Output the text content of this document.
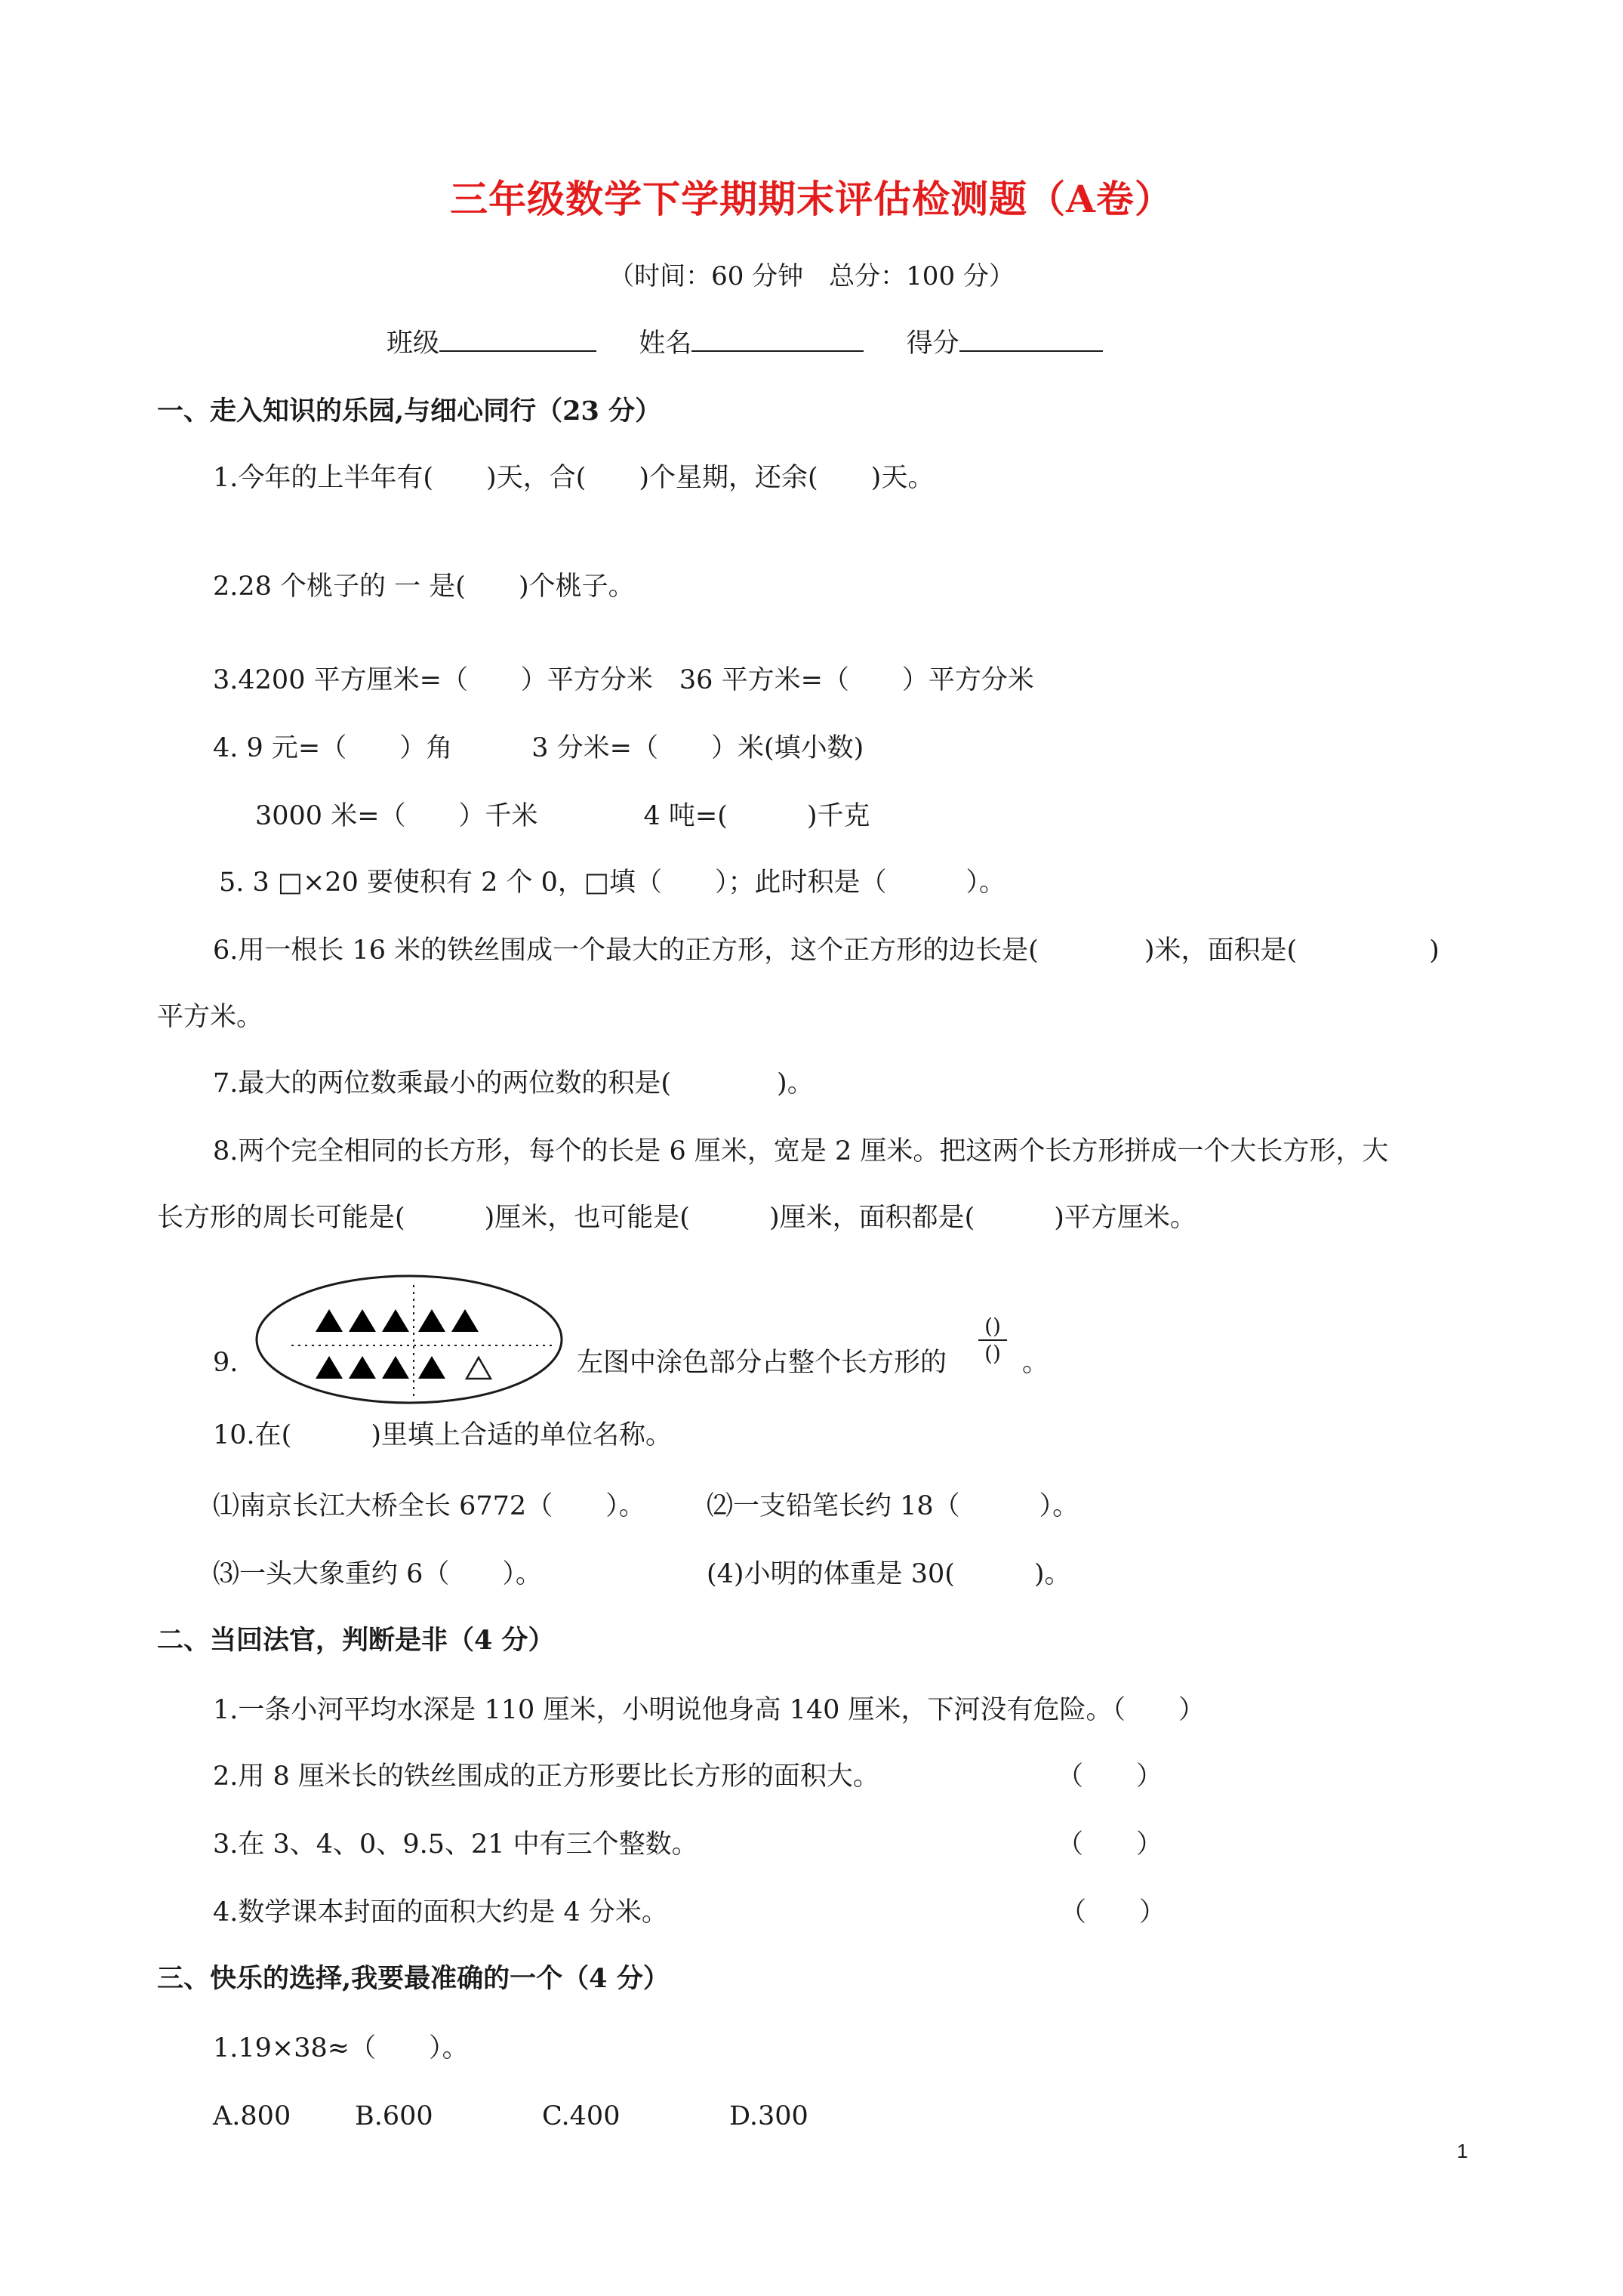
三年级数学下学期期末评估检测题（A卷）
（时间：60 分钟　总分：100 分）
班级	姓名	得分
一、走入知识的乐园,与细心同行（23 分）
1.今年的上半年有(　　)天，合(　　)个星期，还余(　　)天。
2.28 个桃子的 一 是(　　)个桃子。
3.4200 平方厘米=（　　）平方分米　36 平方米=（　　）平方分米
4. 9 元=（　　）角　　　3 分米=（　　）米(填小数)
3000 米=（　　）千米　　　　4 吨=(　　　)千克
5. 3 □×20 要使积有 2 个 0，□填（　　）；此时积是（　　　）。
6.用一根长 16 米的铁丝围成一个最大的正方形，这个正方形的边长是(　　　　)米，面积是(　　　　　)
平方米。
7.最大的两位数乘最小的两位数的积是(　　　　)。
8.两个完全相同的长方形，每个的长是 6 厘米，宽是 2 厘米。把这两个长方形拼成一个大长方形，大
长方形的周长可能是(　　　)厘米，也可能是(　　　)厘米，面积都是(　　　)平方厘米。
9.	左图中涂色部分占整个长方形的
()
() 。
10.在(　　　)里填上合适的单位名称。
⑴南京长江大桥全长 6772（　　）。 ⑵一支铅笔长约 18（　　　）。
⑶一头大象重约 6（　　）。	(4)小明的体重是 30(　　　)。
二、当回法官，判断是非（4 分）
1.一条小河平均水深是 110 厘米，小明说他身高 140 厘米，下河没有危险。（　　）
2.用 8 厘米长的铁丝围成的正方形要比长方形的面积大。	（　　）
3.在 3、4、0、9.5、21 中有三个整数。	（　　）
4.数学课本封面的面积大约是 4 分米。	（　　）
三、快乐的选择,我要最准确的一个（4 分）
1.19×38≈（　　）。
A.800 B.600	C.400	D.300
1
